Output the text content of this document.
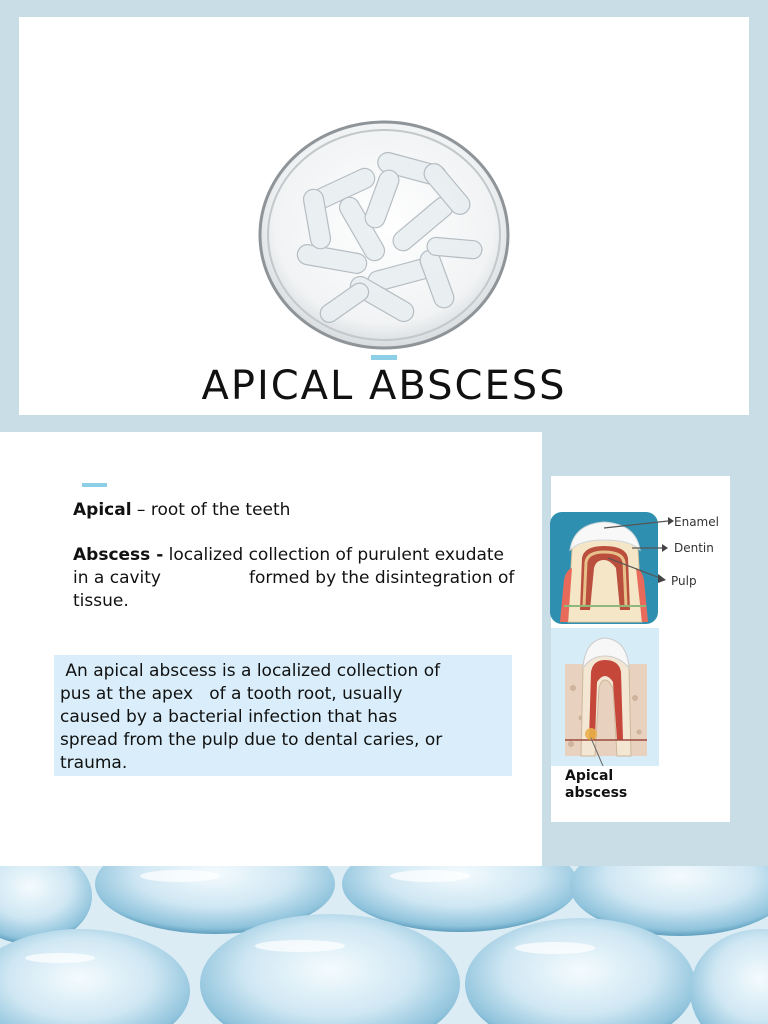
APICAL ABSCESS
Apical – root of the teeth
Abscess - localized collection of purulent exudate
in a cavity	formed by the disintegration of
tissue.
An apical abscess is a localized collection of
pus at the apex   of a tooth root, usually
caused by a bacterial infection that has
spread from the pulp due to dental caries, or
trauma.
Enamel
Dentin
Pulp
Apical
abscess
